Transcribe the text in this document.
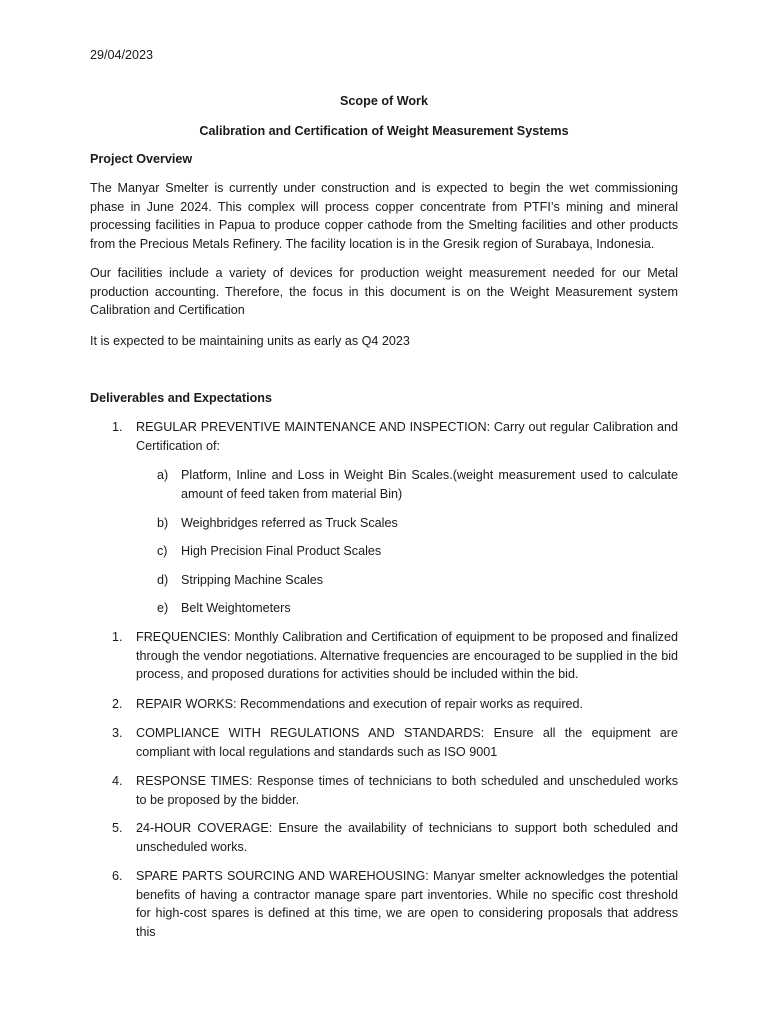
29/04/2023
Scope of Work
Calibration and Certification of Weight Measurement Systems
Project Overview
The Manyar Smelter is currently under construction and is expected to begin the wet commissioning phase in June 2024. This complex will process copper concentrate from PTFI’s mining and mineral processing facilities in Papua to produce copper cathode from the Smelting facilities and other products from the Precious Metals Refinery. The facility location is in the Gresik region of Surabaya, Indonesia.
Our facilities include a variety of devices for production weight measurement needed for our Metal production accounting. Therefore, the focus in this document is on the Weight Measurement system Calibration and Certification
It is expected to be maintaining units as early as Q4 2023
Deliverables and Expectations
1. REGULAR PREVENTIVE MAINTENANCE AND INSPECTION: Carry out regular Calibration and Certification of:
a) Platform, Inline and Loss in Weight Bin Scales.(weight measurement used to calculate amount of feed taken from material Bin)
b) Weighbridges referred as Truck Scales
c) High Precision Final Product Scales
d) Stripping Machine Scales
e) Belt Weightometers
1. FREQUENCIES: Monthly Calibration and Certification of equipment to be proposed and finalized through the vendor negotiations. Alternative frequencies are encouraged to be supplied in the bid process, and proposed durations for activities should be included within the bid.
2. REPAIR WORKS: Recommendations and execution of repair works as required.
3. COMPLIANCE WITH REGULATIONS AND STANDARDS: Ensure all the equipment are compliant with local regulations and standards such as ISO 9001
4. RESPONSE TIMES: Response times of technicians to both scheduled and unscheduled works to be proposed by the bidder.
5. 24-HOUR COVERAGE: Ensure the availability of technicians to support both scheduled and unscheduled works.
6. SPARE PARTS SOURCING AND WAREHOUSING: Manyar smelter acknowledges the potential benefits of having a contractor manage spare part inventories. While no specific cost threshold for high-cost spares is defined at this time, we are open to considering proposals that address this
